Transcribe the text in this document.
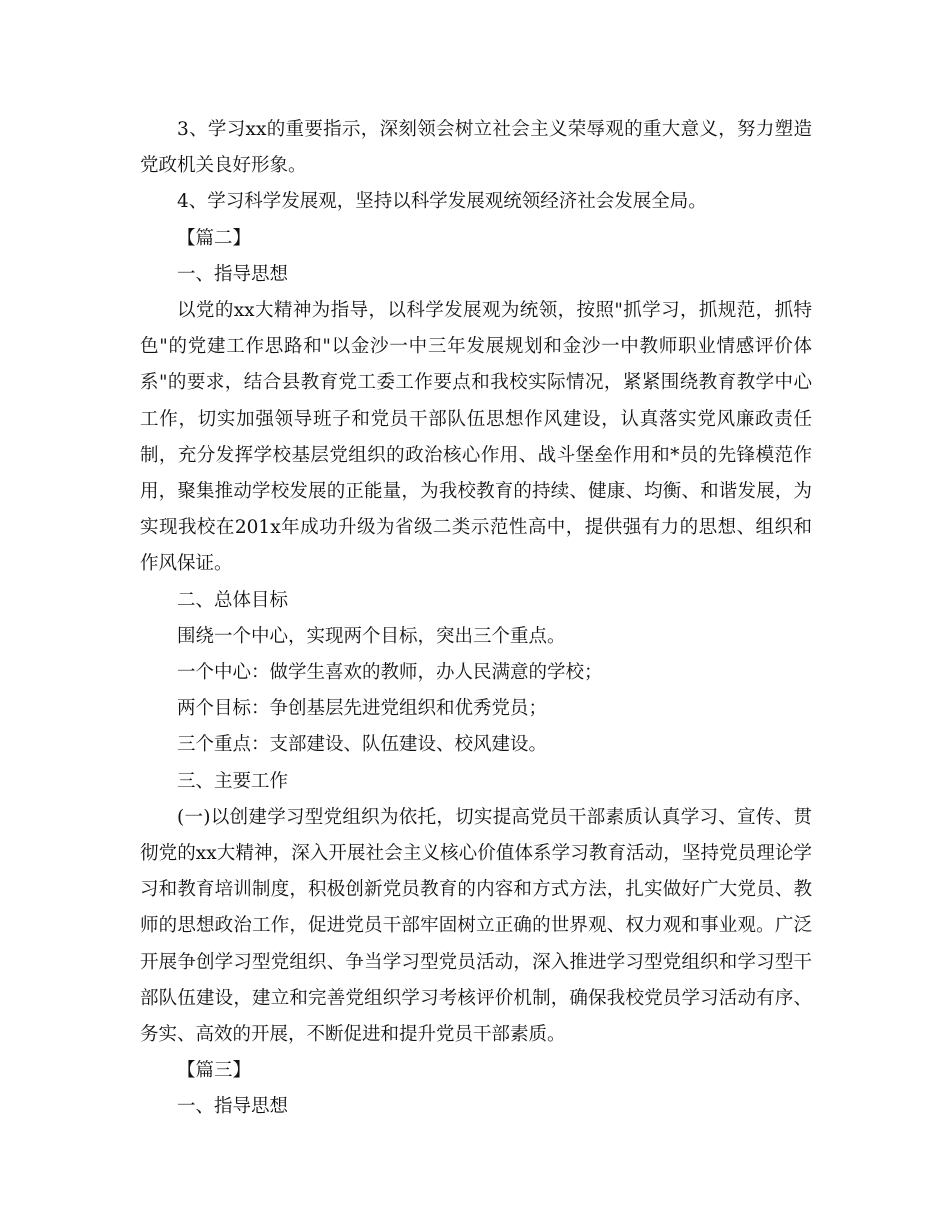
3、学习xx的重要指示，深刻领会树立社会主义荣辱观的重大意义，努力塑造党政机关良好形象。

4、学习科学发展观，坚持以科学发展观统领经济社会发展全局。

【篇二】

一、指导思想

以党的xx大精神为指导，以科学发展观为统领，按照"抓学习，抓规范，抓特色"的党建工作思路和"以金沙一中三年发展规划和金沙一中教师职业情感评价体系"的要求，结合县教育党工委工作要点和我校实际情况，紧紧围绕教育教学中心工作，切实加强领导班子和党员干部队伍思想作风建设，认真落实党风廉政责任制，充分发挥学校基层党组织的政治核心作用、战斗堡垒作用和*员的先锋模范作用，聚集推动学校发展的正能量，为我校教育的持续、健康、均衡、和谐发展，为实现我校在201x年成功升级为省级二类示范性高中，提供强有力的思想、组织和作风保证。

二、总体目标

围绕一个中心，实现两个目标，突出三个重点。

一个中心：做学生喜欢的教师，办人民满意的学校；

两个目标：争创基层先进党组织和优秀党员；

三个重点：支部建设、队伍建设、校风建设。

三、主要工作

(一)以创建学习型党组织为依托，切实提高党员干部素质认真学习、宣传、贯彻党的xx大精神，深入开展社会主义核心价值体系学习教育活动，坚持党员理论学习和教育培训制度，积极创新党员教育的内容和方式方法，扎实做好广大党员、教师的思想政治工作，促进党员干部牢固树立正确的世界观、权力观和事业观。广泛开展争创学习型党组织、争当学习型党员活动，深入推进学习型党组织和学习型干部队伍建设，建立和完善党组织学习考核评价机制，确保我校党员学习活动有序、务实、高效的开展，不断促进和提升党员干部素质。

【篇三】

一、指导思想
